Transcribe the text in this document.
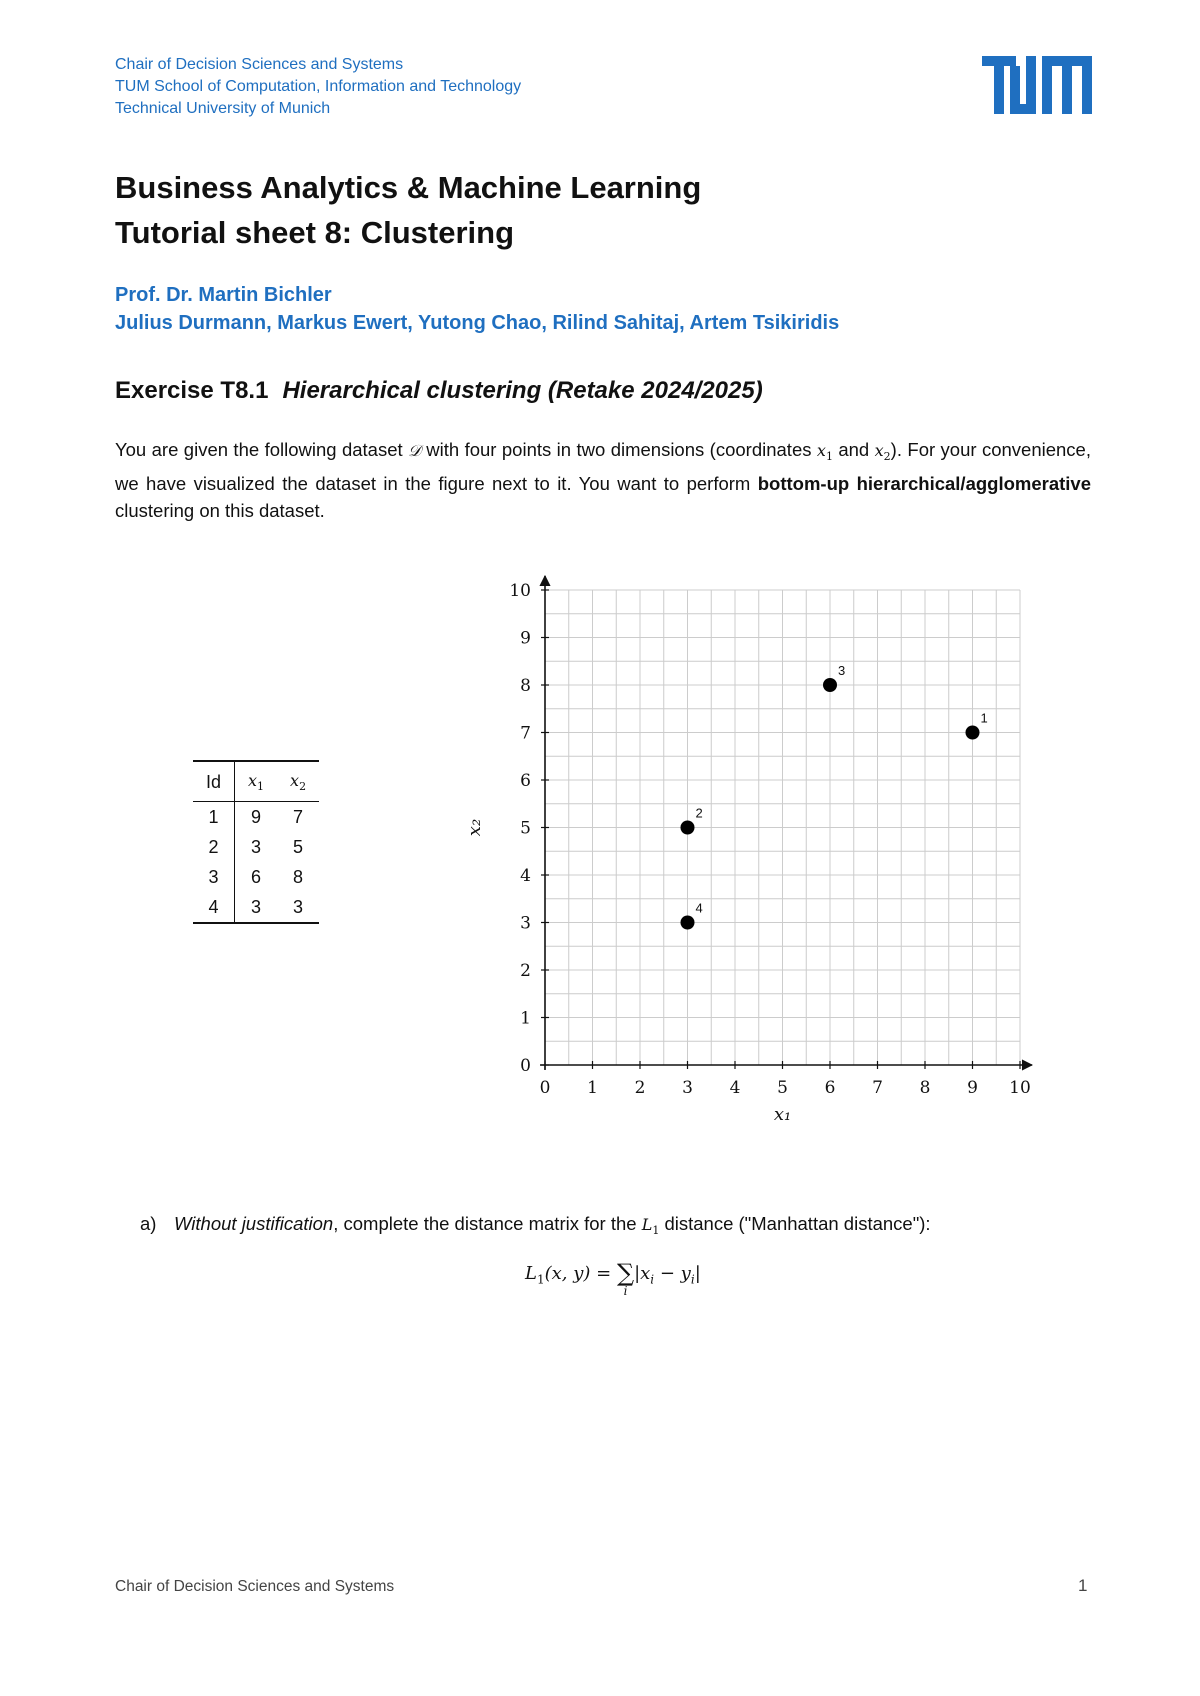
Chair of Decision Sciences and Systems
TUM School of Computation, Information and Technology
Technical University of Munich
Business Analytics & Machine Learning
Tutorial sheet 8: Clustering
Prof. Dr. Martin Bichler
Julius Durmann, Markus Ewert, Yutong Chao, Rilind Sahitaj, Artem Tsikiridis
Exercise T8.1 Hierarchical clustering (Retake 2024/2025)

You are given the following dataset 𝒟 with four points in two dimensions (coordinates $x_1$ and $x_2$). For your convenience, we have visualized the dataset in the figure next to it. You want to perform bottom-up hierarchical/agglomerative clustering on this dataset.

Id	$x_1$	$x_2$
1	9	7
2	3	5
3	6	8
4	3	3
0 1 2 3 4 5 6 7 8 9 10
0
1
2
3
4
5
6
7
8
9
10
x₁
x₂
1
2
3
4
a) Without justification, complete the distance matrix for the $L_1$ distance ("Manhattan distance"):
$L_1(x$, y) = ∑
i
$|x_i - y_i|$
Chair of Decision Sciences and Systems	1
